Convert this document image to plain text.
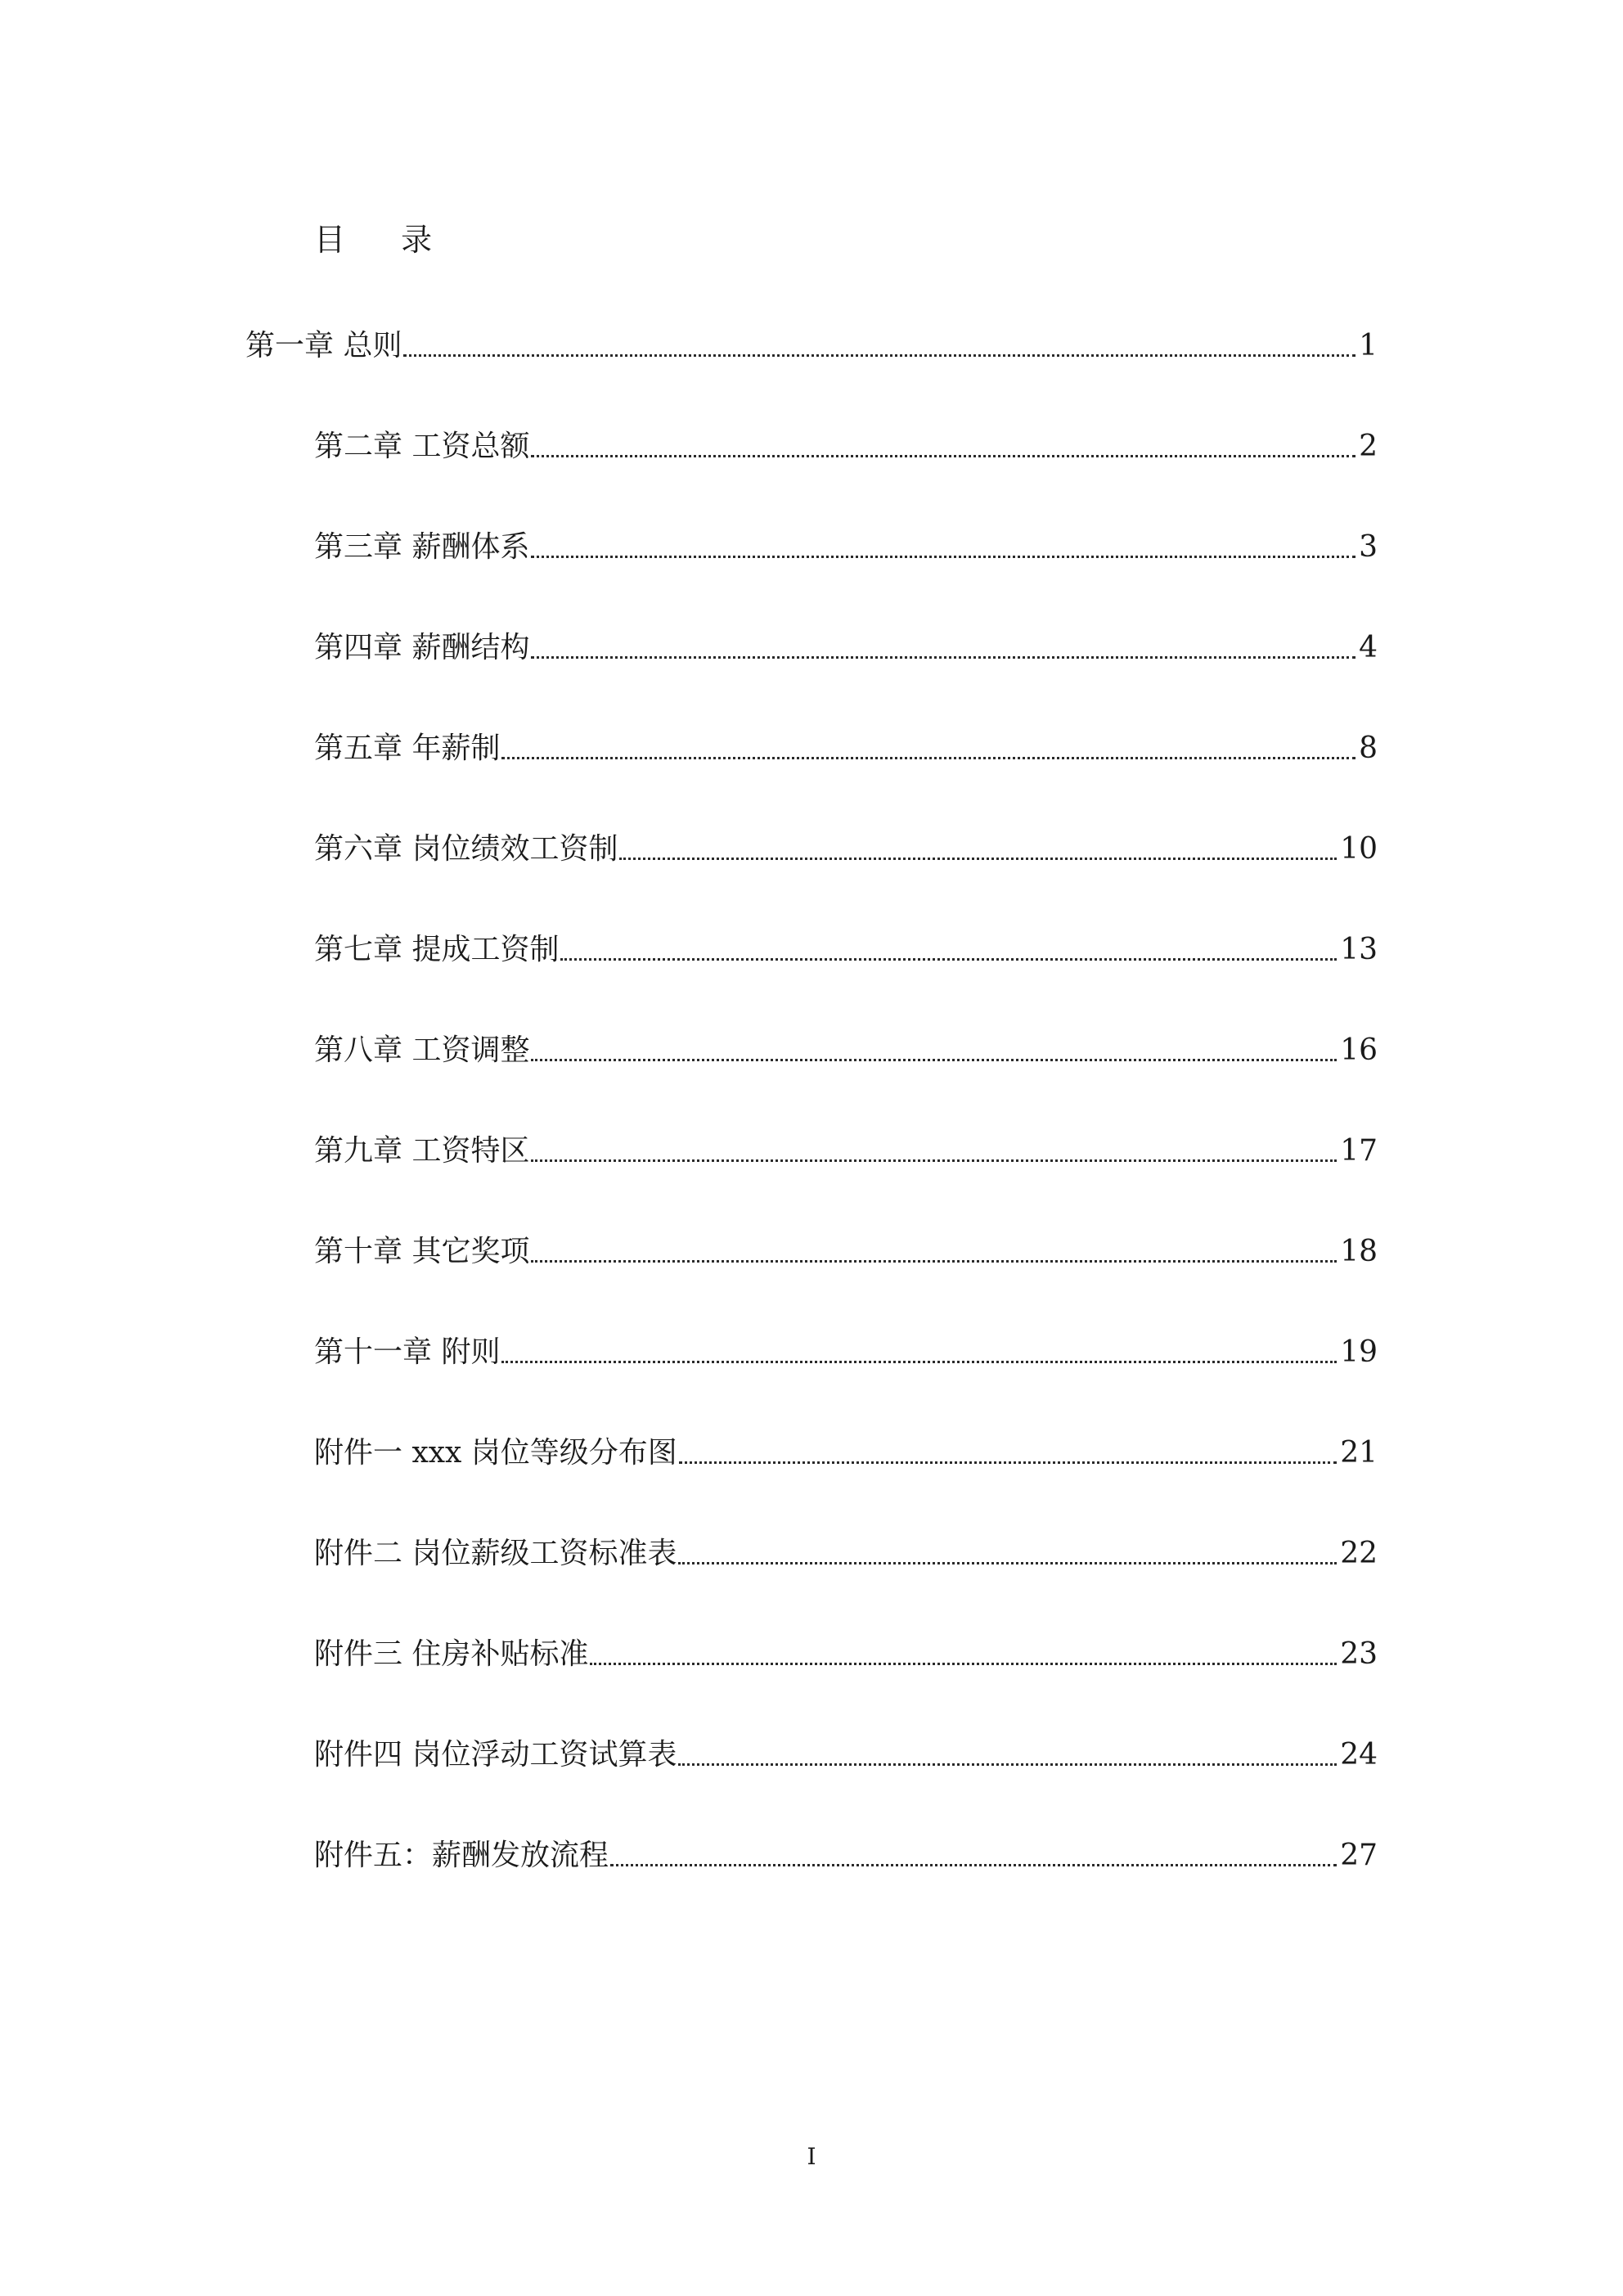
目 录
第一章 总则	1
第二章 工资总额	2
第三章 薪酬体系	3
第四章 薪酬结构	4
第五章 年薪制	8
第六章 岗位绩效工资制	10
第七章 提成工资制	13
第八章 工资调整	16
第九章 工资特区	17
第十章 其它奖项	18
第十一章 附则	19
附件一 xxx 岗位等级分布图	21
附件二 岗位薪级工资标准表	22
附件三 住房补贴标准	23
附件四 岗位浮动工资试算表	24
附件五：薪酬发放流程	27
I
